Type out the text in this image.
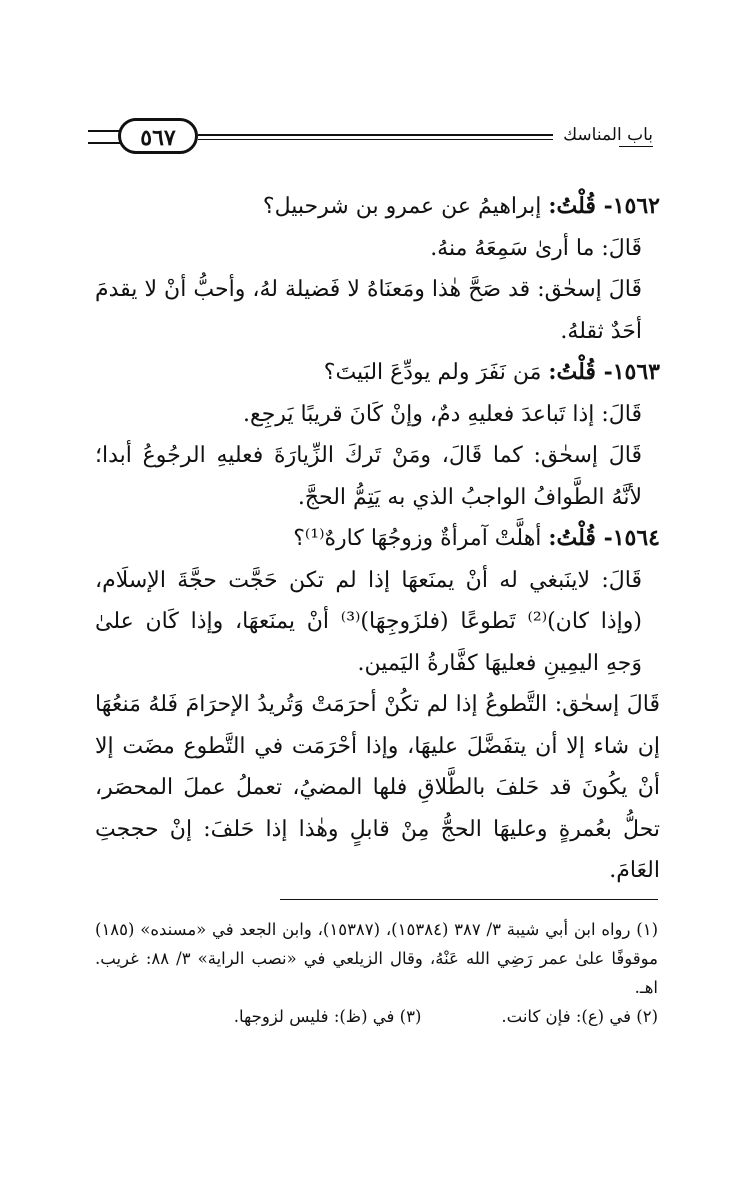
باب المناسك
٥٦٧

١٥٦٢- قُلْتُ: إبراهيمُ عن عمرو بن شرحبيل؟

قَالَ: ما أرىٰ سَمِعَهُ منهُ.

قَالَ إسحٰق: قد صَحَّ هٰذا ومَعنَاهُ لا فَضيلة لهُ، وأحبُّ أنْ لا يقدمَ أحَدٌ ثقلهُ.

١٥٦٣- قُلْتُ: مَن نَفَرَ ولم يودِّعَ البَيتَ؟

قَالَ: إذا تَباعدَ فعليهِ دمٌ، وإنْ كَانَ قريبًا يَرجِع.

قَالَ إسحٰق: كما قَالَ، ومَنْ تَركَ الزِّيارَةَ فعليهِ الرجُوعُ أبدا؛ لأنَّهُ الطَّوافُ الواجبُ الذي به يَتِمُّ الحجَّ.

١٥٦٤- قُلْتُ: أهلَّتْ آمرأةٌ وزوجُهَا كارهٌ⁽¹⁾؟

قَالَ: لاينَبغي له أنْ يمنَعهَا إذا لم تكن حَجَّت حجَّةَ الإسلَام، (وإذا كان)⁽²⁾ تَطوعًا (فلزَوجِهَا)⁽³⁾ أنْ يمنَعهَا، وإذا كَان علىٰ وَجهِ اليمِينِ فعليهَا كفَّارةُ اليَمين.

قَالَ إسحٰق: التَّطوعُ إذا لم تكُنْ أحرَمَتْ وَتُريدُ الإحرَامَ فَلهُ مَنعُهَا إن شاء إلا أن يتفَضَّلَ عليهَا، وإذا أحْرَمَت في التَّطوع مضَت إلا أنْ يكُونَ قد حَلفَ بالطَّلاقِ فلها المضيُ، تعملُ عملَ المحصَر، تحلُّ بعُمرةٍ وعليهَا الحجُّ مِنْ قابلٍ وهٰذا إذا حَلفَ: إنْ حججتِ العَامَ.

(١) رواه ابن أبي شيبة ٣/ ٣٨٧ (١٥٣٨٤)، (١٥٣٨٧)، وابن الجعد في «مسنده» (١٨٥) موقوفًا علىٰ عمر رَضِي الله عَنْهُ، وقال الزيلعي في «نصب الراية» ٣/ ٨٨: غريب. اهـ.
(٢) في (ع): فإن كانت.
(٣) في (ظ): فليس لزوجها.
